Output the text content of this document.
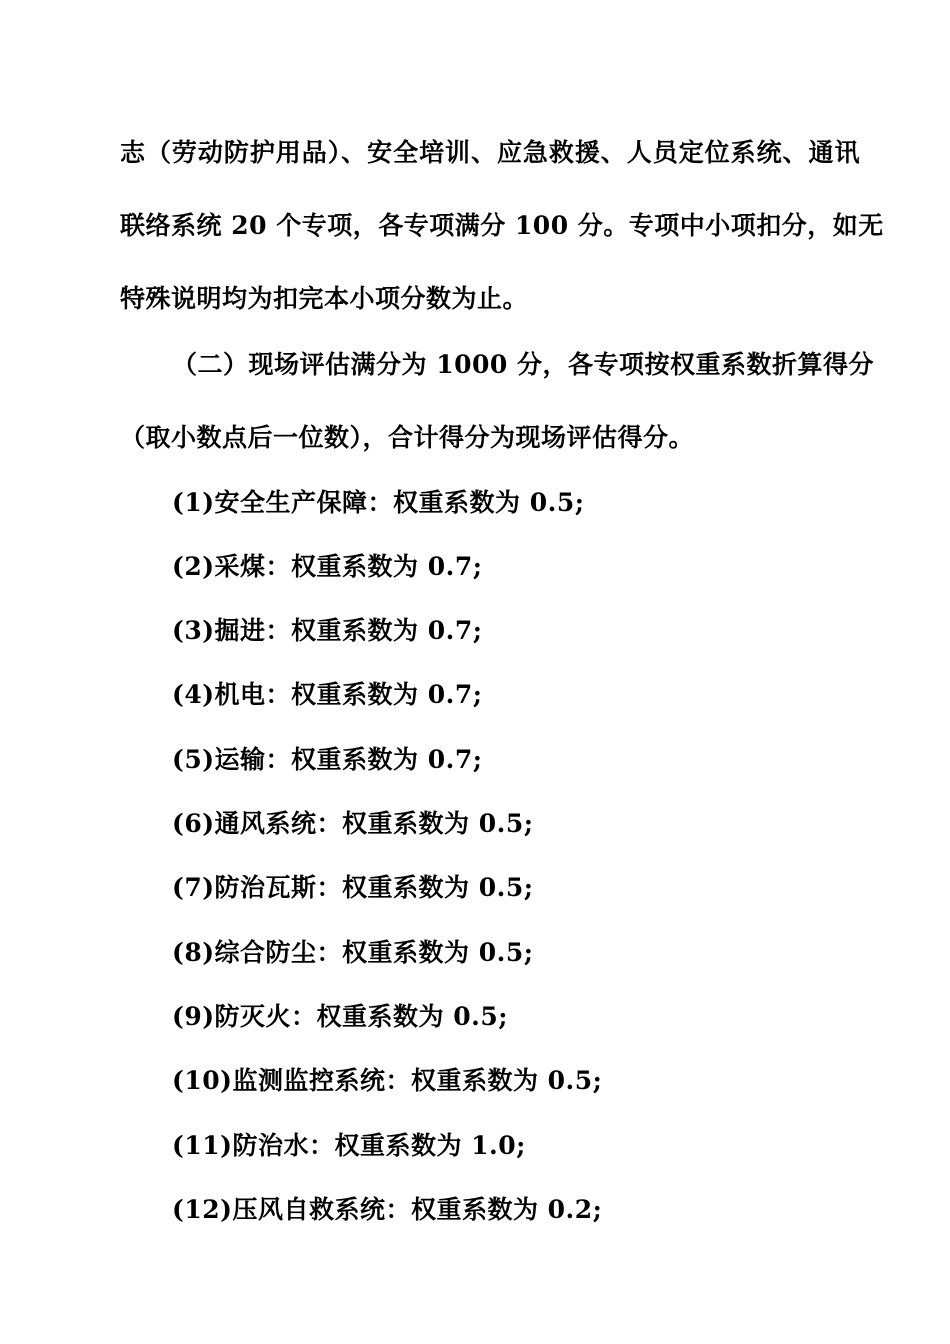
志（劳动防护用品）、安全培训、应急救援、人员定位系统、通讯
联络系统 20 个专项，各专项满分 100 分。专项中小项扣分，如无
特殊说明均为扣完本小项分数为止。
（二）现场评估满分为 1000 分，各专项按权重系数折算得分
（取小数点后一位数），合计得分为现场评估得分。
(1)安全生产保障：权重系数为 0.5;
(2)采煤：权重系数为 0.7;
(3)掘进：权重系数为 0.7;
(4)机电：权重系数为 0.7;
(5)运输：权重系数为 0.7;
(6)通风系统：权重系数为 0.5;
(7)防治瓦斯：权重系数为 0.5;
(8)综合防尘：权重系数为 0.5;
(9)防灭火：权重系数为 0.5;
(10)监测监控系统：权重系数为 0.5;
(11)防治水：权重系数为 1.0;
(12)压风自救系统：权重系数为 0.2;
